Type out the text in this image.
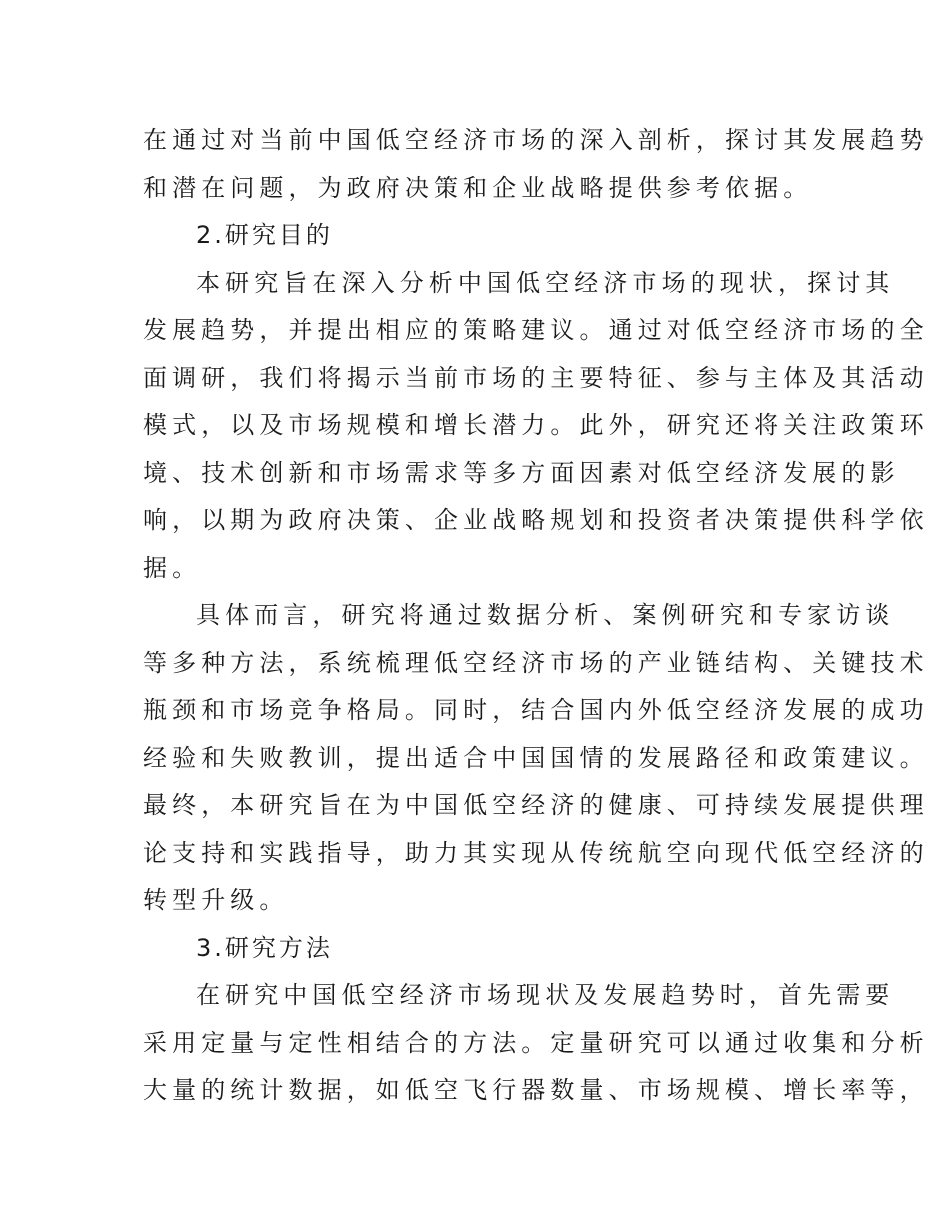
在通过对当前中国低空经济市场的深入剖析，探讨其发展趋势
和潜在问题，为政府决策和企业战略提供参考依据。
2.研究目的
本研究旨在深入分析中国低空经济市场的现状，探讨其
发展趋势，并提出相应的策略建议。通过对低空经济市场的全
面调研，我们将揭示当前市场的主要特征、参与主体及其活动
模式，以及市场规模和增长潜力。此外，研究还将关注政策环
境、技术创新和市场需求等多方面因素对低空经济发展的影
响，以期为政府决策、企业战略规划和投资者决策提供科学依
据。
具体而言，研究将通过数据分析、案例研究和专家访谈
等多种方法，系统梳理低空经济市场的产业链结构、关键技术
瓶颈和市场竞争格局。同时，结合国内外低空经济发展的成功
经验和失败教训，提出适合中国国情的发展路径和政策建议。
最终，本研究旨在为中国低空经济的健康、可持续发展提供理
论支持和实践指导，助力其实现从传统航空向现代低空经济的
转型升级。
3.研究方法
在研究中国低空经济市场现状及发展趋势时，首先需要
采用定量与定性相结合的方法。定量研究可以通过收集和分析
大量的统计数据，如低空飞行器数量、市场规模、增长率等，
